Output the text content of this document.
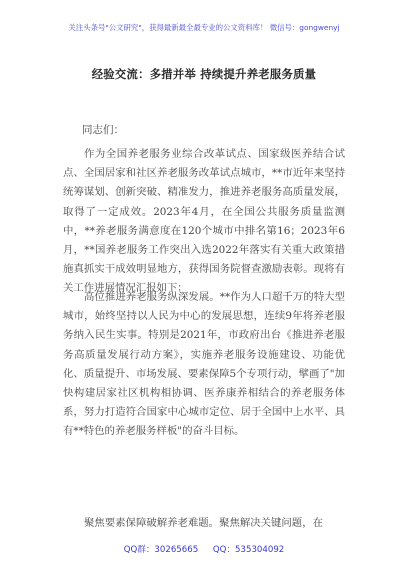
关注头条号"公文研究"，获得最新最全最专业的公文资料库！ 微信号：gongwenyj
经验交流：多措并举 持续提升养老服务质量
同志们：

作为全国养老服务业综合改革试点、国家级医养结合试点、全国居家和社区养老服务改革试点城市，**市近年来坚持统筹谋划、创新突破、精准发力，推进养老服务高质量发展，取得了一定成效。2023年4月，在全国公共服务质量监测中，**养老服务满意度在120个城市中排名第16；2023年6月，**国养老服务工作突出入选2022年落实有关重大政策措施真抓实干成效明显地方，获得国务院督查激励表彰。现将有关工作进展情况汇报如下：

高位推进养老服务纵深发展。**作为人口超千万的特大型城市，始终坚持以人民为中心的发展思想，连续9年将养老服务纳入民生实事。特别是2021年，市政府出台《推进养老服务高质量发展行动方案》，实施养老服务设施建设、功能优化、质量提升、市场发展、要素保障5个专项行动，擘画了"加快构建居家社区机构相协调、医养康养相结合的养老服务体系，努力打造符合国家中心城市定位、居于全国中上水平、具有**特色的养老服务样板"的奋斗目标。

聚焦要素保障破解养老难题。聚焦解决关键问题，在

QQ群：30265665 QQ：535304092
